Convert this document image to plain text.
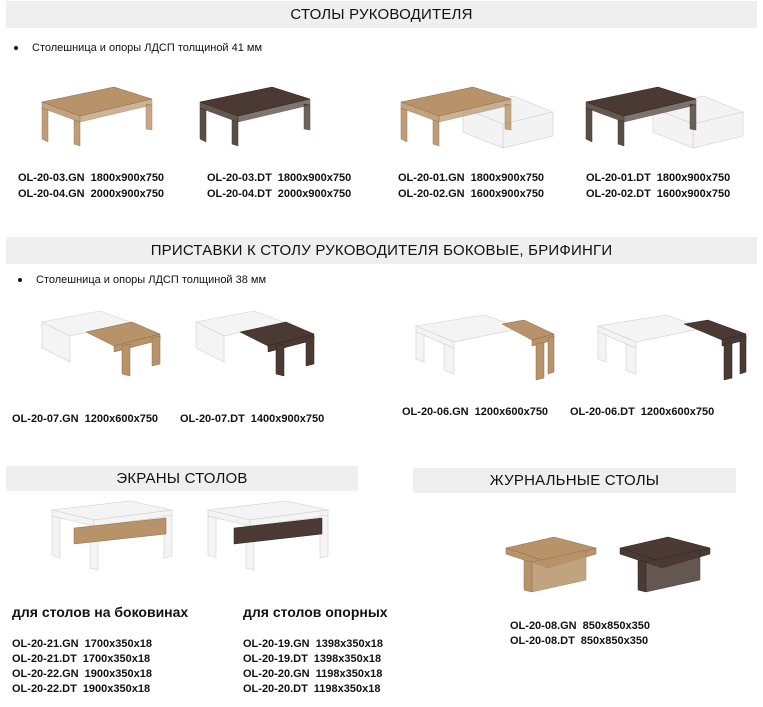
СТОЛЫ РУКОВОДИТЕЛЯ
Столешница и опоры ЛДСП толщиной 41 мм
OL-20-03.GN 1800x900x750
OL-20-04.GN 2000x900x750
OL-20-03.DT 1800x900x750
OL-20-04.DT 2000x900x750
OL-20-01.GN 1800x900x750
OL-20-02.GN 1600x900x750
OL-20-01.DT 1800x900x750
OL-20-02.DT 1600x900x750
ПРИСТАВКИ К СТОЛУ РУКОВОДИТЕЛЯ БОКОВЫЕ, БРИФИНГИ
Столешница и опоры ЛДСП толщиной 38 мм
OL-20-07.GN 1200x600x750 OL-20-07.DT 1400x900x750
OL-20-06.GN 1200x600x750 OL-20-06.DT 1200x600x750
ЭКРАНЫ СТОЛОВ
для столов на боковинах	для столов опорных
OL-20-21.GN 1700x350x18
OL-20-21.DT 1700x350x18
OL-20-22.GN 1900x350x18
OL-20-22.DT 1900x350x18
OL-20-19.GN 1398x350x18
OL-20-19.DT 1398x350x18
OL-20-20.GN 1198x350x18
OL-20-20.DT 1198x350x18
ЖУРНАЛЬНЫЕ СТОЛЫ
OL-20-08.GN 850x850x350
OL-20-08.DT 850x850x350
